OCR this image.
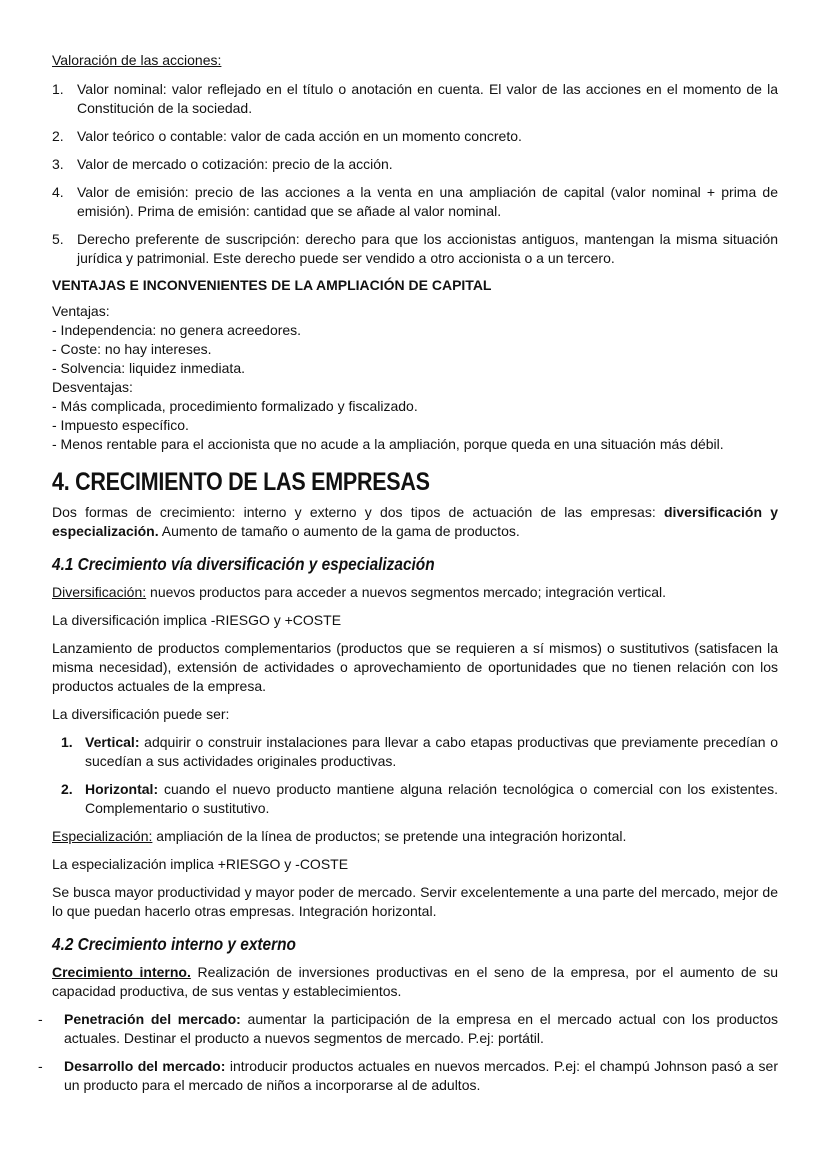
Valoración de las acciones:

1. Valor nominal: valor reflejado en el título o anotación en cuenta. El valor de las acciones en el momento de la Constitución de la sociedad.
2. Valor teórico o contable: valor de cada acción en un momento concreto.
3. Valor de mercado o cotización: precio de la acción.
4. Valor de emisión: precio de las acciones a la venta en una ampliación de capital (valor nominal + prima de emisión). Prima de emisión: cantidad que se añade al valor nominal.
5. Derecho preferente de suscripción: derecho para que los accionistas antiguos, mantengan la misma situación jurídica y patrimonial. Este derecho puede ser vendido a otro accionista o a un tercero.

VENTAJAS E INCONVENIENTES DE LA AMPLIACIÓN DE CAPITAL

Ventajas:

- Independencia: no genera acreedores.

- Coste: no hay intereses.

- Solvencia: liquidez inmediata.

Desventajas:

- Más complicada, procedimiento formalizado y fiscalizado.

- Impuesto específico.

- Menos rentable para el accionista que no acude a la ampliación, porque queda en una situación más débil.

4. CRECIMIENTO DE LAS EMPRESAS

Dos formas de crecimiento: interno y externo y dos tipos de actuación de las empresas: diversificación y especialización. Aumento de tamaño o aumento de la gama de productos.

4.1 Crecimiento vía diversificación y especialización

Diversificación: nuevos productos para acceder a nuevos segmentos mercado; integración vertical.

La diversificación implica -RIESGO y +COSTE

Lanzamiento de productos complementarios (productos que se requieren a sí mismos) o sustitutivos (satisfacen la misma necesidad), extensión de actividades o aprovechamiento de oportunidades que no tienen relación con los productos actuales de la empresa.

La diversificación puede ser:

1. Vertical: adquirir o construir instalaciones para llevar a cabo etapas productivas que previamente precedían o sucedían a sus actividades originales productivas.
2. Horizontal: cuando el nuevo producto mantiene alguna relación tecnológica o comercial con los existentes. Complementario o sustitutivo.

Especialización: ampliación de la línea de productos; se pretende una integración horizontal.

La especialización implica +RIESGO y -COSTE

Se busca mayor productividad y mayor poder de mercado. Servir excelentemente a una parte del mercado, mejor de lo que puedan hacerlo otras empresas. Integración horizontal.

4.2 Crecimiento interno y externo

Crecimiento interno. Realización de inversiones productivas en el seno de la empresa, por el aumento de su capacidad productiva, de sus ventas y establecimientos.

-	Penetración del mercado: aumentar la participación de la empresa en el mercado actual con los productos actuales. Destinar el producto a nuevos segmentos de mercado. P.ej: portátil.
-	Desarrollo del mercado: introducir productos actuales en nuevos mercados. P.ej: el champú Johnson pasó a ser un producto para el mercado de niños a incorporarse al de adultos.
